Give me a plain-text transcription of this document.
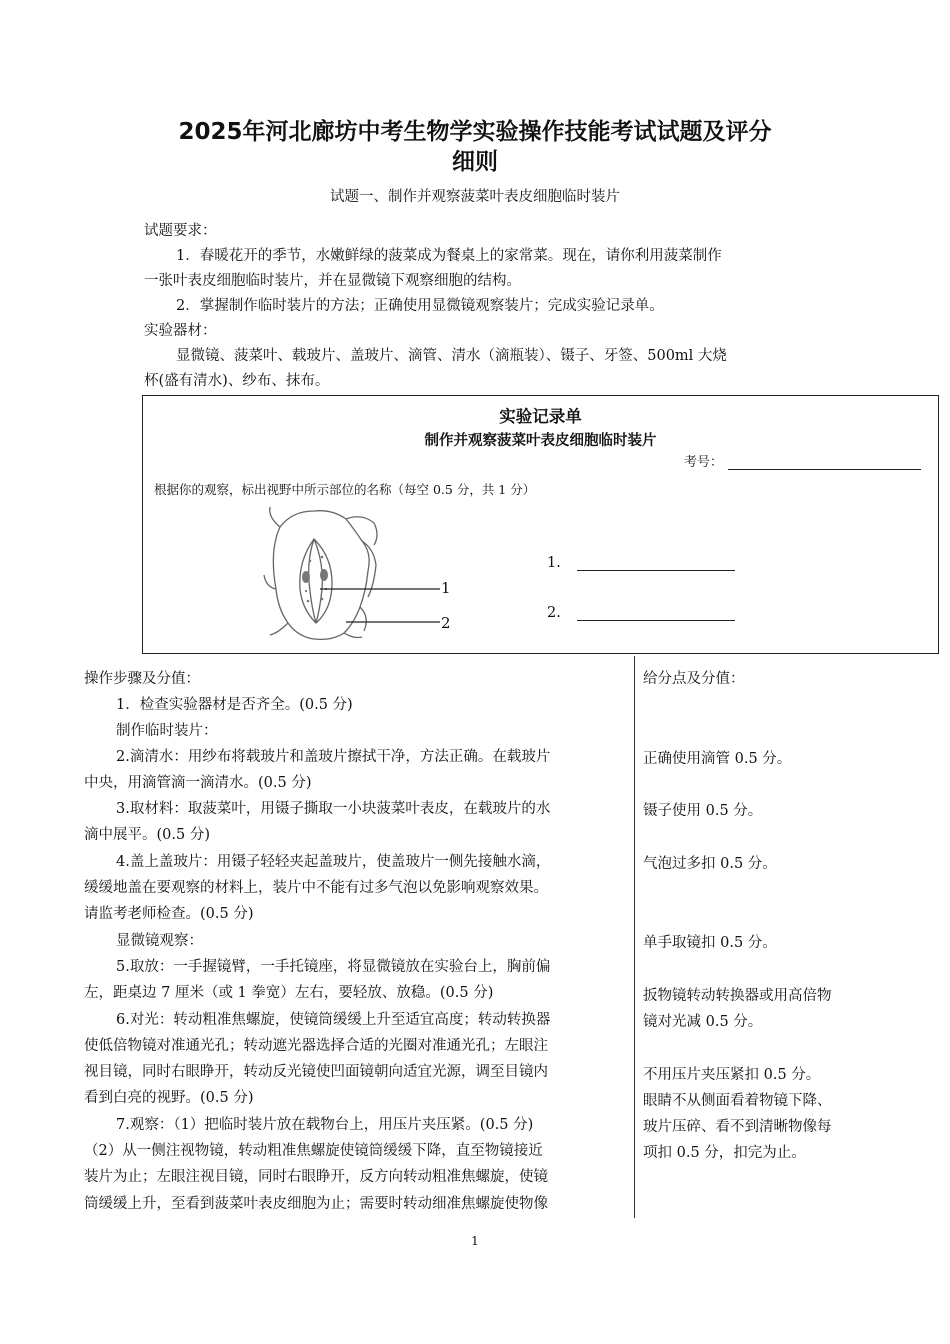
2025年河北廊坊中考生物学实验操作技能考试试题及评分
细则
试题一、制作并观察菠菜叶表皮细胞临时装片
试题要求：
1．春暖花开的季节，水嫩鲜绿的菠菜成为餐桌上的家常菜。现在，请你利用菠菜制作
一张叶表皮细胞临时装片，并在显微镜下观察细胞的结构。
2．掌握制作临时装片的方法；正确使用显微镜观察装片；完成实验记录单。
实验器材：
显微镜、菠菜叶、载玻片、盖玻片、滴管、清水（滴瓶装）、镊子、牙签、500ml 大烧
杯(盛有清水)、纱布、抹布。
实验记录单
制作并观察菠菜叶表皮细胞临时装片
考号：
根据你的观察，标出视野中所示部位的名称（每空 0.5 分，共 1 分）
1
2
1.
2.
操作步骤及分值：
1．检查实验器材是否齐全。(0.5 分)
制作临时装片：
2.滴清水：用纱布将载玻片和盖玻片擦拭干净，方法正确。在载玻片
中央，用滴管滴一滴清水。(0.5 分)
3.取材料：取菠菜叶，用镊子撕取一小块菠菜叶表皮，在载玻片的水
滴中展平。(0.5 分)
4.盖上盖玻片：用镊子轻轻夹起盖玻片，使盖玻片一侧先接触水滴，
缓缓地盖在要观察的材料上，装片中不能有过多气泡以免影响观察效果。
请监考老师检查。(0.5 分)
显微镜观察：
5.取放：一手握镜臂，一手托镜座，将显微镜放在实验台上，胸前偏
左，距桌边 7 厘米（或 1 拳宽）左右，要轻放、放稳。(0.5 分)
6.对光：转动粗准焦螺旋，使镜筒缓缓上升至适宜高度；转动转换器
使低倍物镜对准通光孔；转动遮光器选择合适的光圈对准通光孔；左眼注
视目镜，同时右眼睁开，转动反光镜使凹面镜朝向适宜光源，调至目镜内
看到白亮的视野。(0.5 分)
7.观察：（1）把临时装片放在载物台上，用压片夹压紧。(0.5 分)
（2）从一侧注视物镜，转动粗准焦螺旋使镜筒缓缓下降，直至物镜接近
装片为止；左眼注视目镜，同时右眼睁开，反方向转动粗准焦螺旋，使镜
筒缓缓上升，至看到菠菜叶表皮细胞为止；需要时转动细准焦螺旋使物像
给分点及分值：
正确使用滴管 0.5 分。
镊子使用 0.5 分。
气泡过多扣 0.5 分。
单手取镜扣 0.5 分。
扳物镜转动转换器或用高倍物
镜对光减 0.5 分。
不用压片夹压紧扣 0.5 分。
眼睛不从侧面看着物镜下降、
玻片压碎、看不到清晰物像每
项扣 0.5 分，扣完为止。
1
